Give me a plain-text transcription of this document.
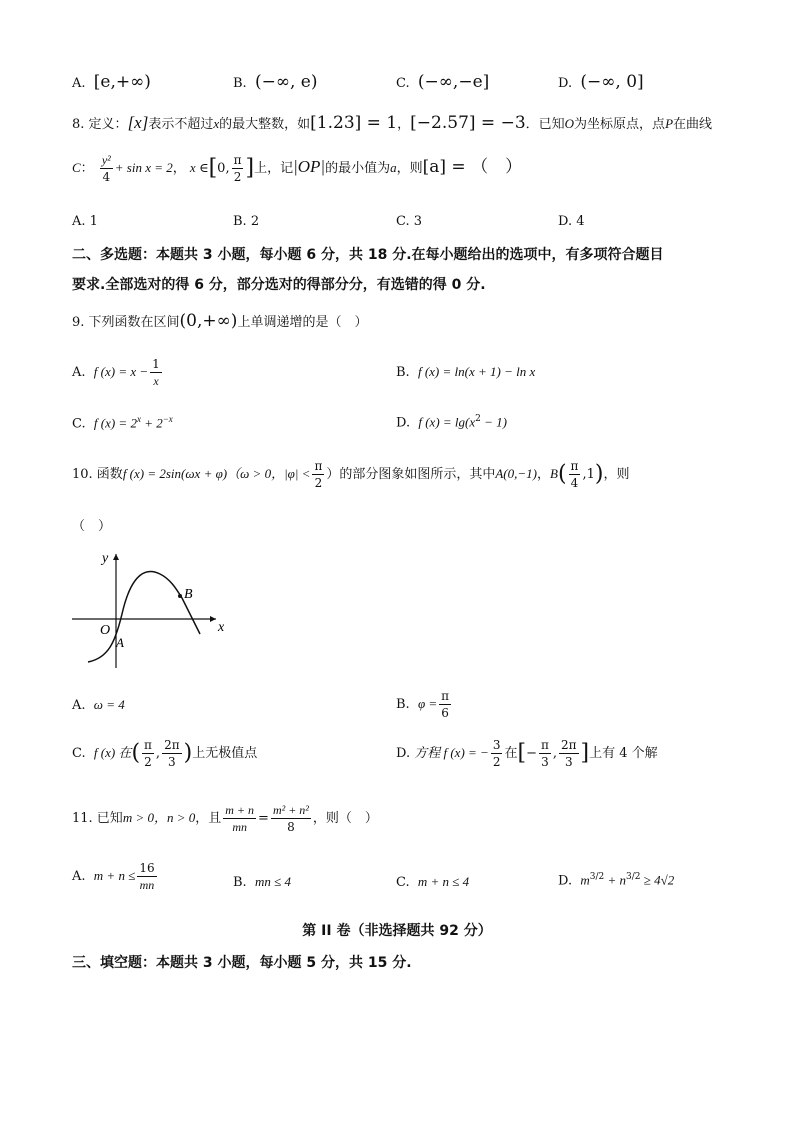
A. [e,+∞)	B. (−∞, e)	C. (−∞,−e]	D. (−∞, 0]
8. 定义：[x]表示不超过x的最大整数，如[1.23] = 1，[−2.57] = −3．已知O为坐标原点，点P在曲线
C： $\frac{\text{y²}}{4} + \sin x = 2$， x ∈[0, $\frac{\pi}{2}$ ]上，记|OP|的最小值为a，则[a] = （　）
A. 1	B. 2	C. 3	D. 4
二、多选题：本题共 3 小题，每小题 6 分，共 18 分.在每小题给出的选项中，有多项符合题目
要求.全部选对的得 6 分，部分选对的得部分分，有选错的得 0 分.
9. 下列函数在区间(0,+∞)上单调递增的是（　）
A. f $(x) = x - \frac{1}{x}$	B. f (x) = ln(x + 1) − ln x
C. f $(x) = 2^x + 2^{-x}$	D. f $(x) = \lg(x^2 - 1)$
10. 函数f (x) = 2sin(ωx + φ)（ω > 0，$|\varphi| < \frac{\pi}{2}$ ）的部分图象如图所示，其中A(0,−1)，$B( \frac{\pi}{4} ,1)$，则
（　）
y
x
O
A
B
A. ω = 4	B. $\varphi = \frac{\pi}{6}$
C. f (x) 在( $\frac{\pi}{2}$ , $\frac{2\pi}{3}$ )上无极值点	D. 方程 f (x) = − $\frac{3}{2}$ 在[− $\frac{\pi}{3}$ , $\frac{2\pi}{3}$ ]上有 4 个解
11. 已知m > 0，n > 0，且 $\frac{m + n}{mn} = \frac{\text{m² + n²}}{8}$ ，则（　）
A. $m + n \le \frac{16}{mn}$	B. mn ≤ 4	C. m + n ≤ 4	D. $m^{3/2} + n^{3/2} \ge 4√2$
第 II 卷（非选择题共 92 分）
三、填空题：本题共 3 小题，每小题 5 分，共 15 分.
